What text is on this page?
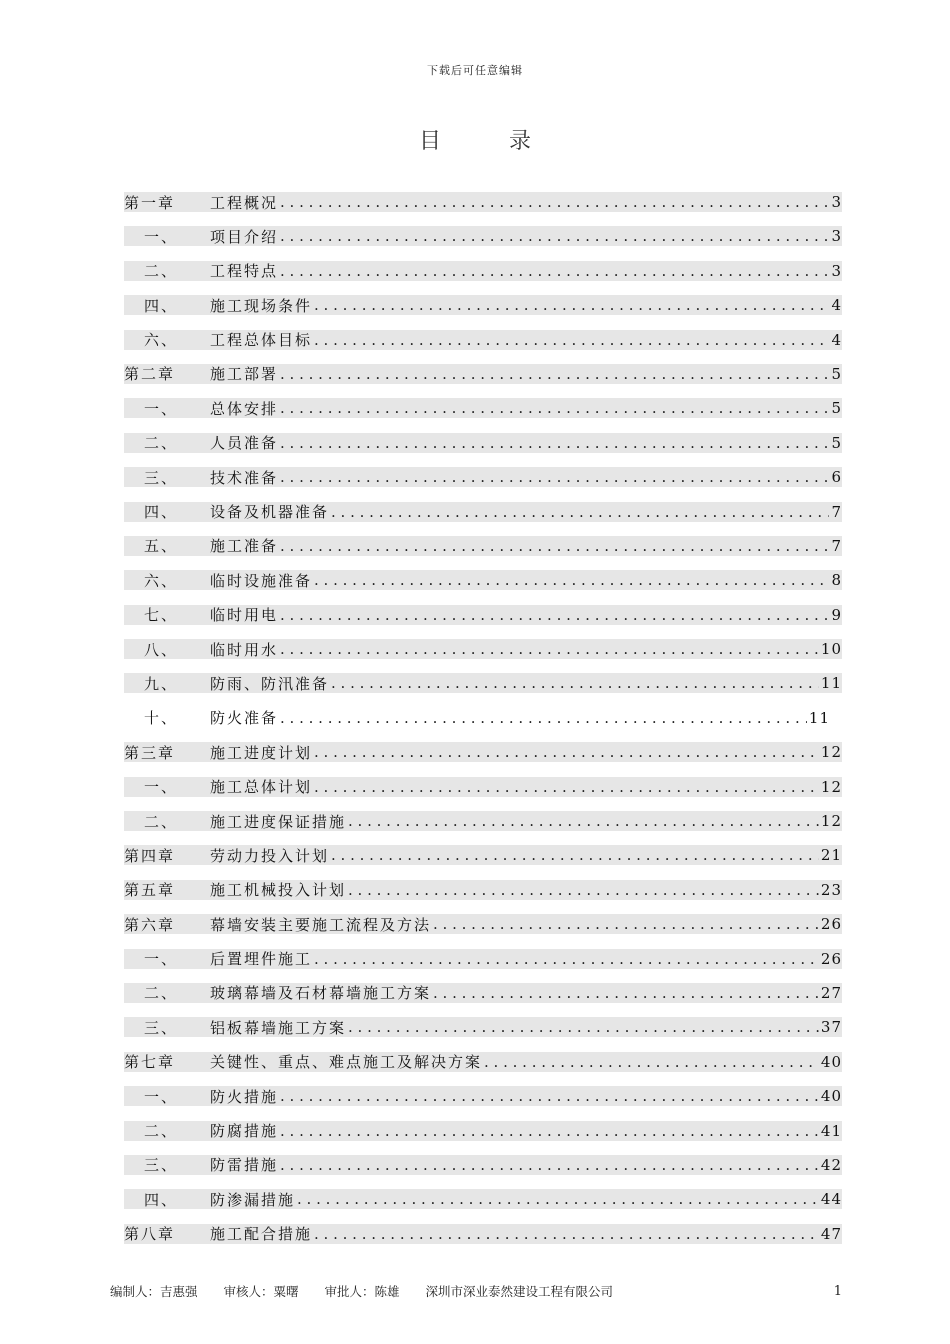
下载后可任意编辑
目	录
第一章	工程概况 . . .	3
一、	项目介绍 . . .	3
二、	工程特点 . . .	3
四、	施工现场条件 . . .	4
六、	工程总体目标 . . .	4
第二章	施工部署 . . .	5
一、	总体安排 . . .	5
二、	人员准备 . . .	5
三、	技术准备 . . .	6
四、	设备及机器准备 . . .	7
五、	施工准备 . . .	7
六、	临时设施准备 . . .	8
七、	临时用电 . . .	9
八、	临时用水 . . .	10
九、	防雨、防汛准备 . . .	11
十、	防火准备 . . .	11
第三章	施工进度计划 . . .	12
一、	施工总体计划 . . .	12
二、	施工进度保证措施 . . .	12
第四章	劳动力投入计划 . . .	21
第五章	施工机械投入计划 . . .	23
第六章	幕墙安装主要施工流程及方法 . . .	26
一、	后置埋件施工 . . .	26
二、	玻璃幕墙及石材幕墙施工方案 . . .	27
三、	铝板幕墙施工方案 . . .	37
第七章	关键性、重点、难点施工及解决方案 . . .	40
一、	防火措施 . . .	40
二、	防腐措施 . . .	41
三、	防雷措施 . . .	42
四、	防渗漏措施 . . .	44
第八章	施工配合措施 . . .	47
编制人：吉惠强 审核人：粟曙 审批人：陈雄 深圳市深业泰然建设工程有限公司	1
